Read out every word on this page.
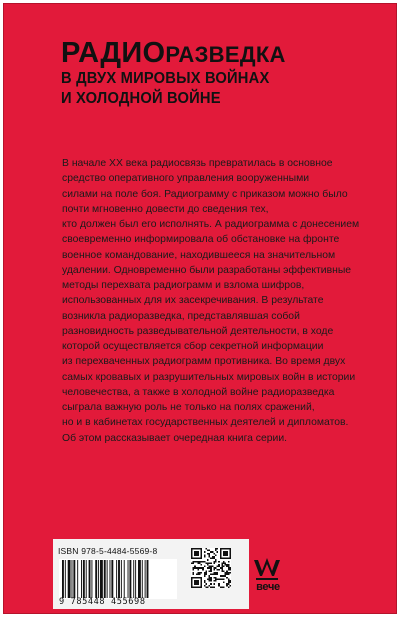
РАДИОРАЗВЕДКА
В ДВУХ МИРОВЫХ ВОЙНАХ
И ХОЛОДНОЙ ВОЙНЕ
В начале XX века радиосвязь превратилась в основное
средство оперативного управления вооруженными
силами на поле боя. Радиограмму с приказом можно было
почти мгновенно довести до сведения тех,
кто должен был его исполнять. А радиограмма с донесением
своевременно информировала об обстановке на фронте
военное командование, находившееся на значительном
удалении. Одновременно были разработаны эффективные
методы перехвата радиограмм и взлома шифров,
использованных для их засекречивания. В результате
возникла радиоразведка, представлявшая собой
разновидность разведывательной деятельности, в ходе
которой осуществляется сбор секретной информации
из перехваченных радиограмм противника. Во время двух
самых кровавых и разрушительных мировых войн в истории
человечества, а также в холодной войне радиоразведка
сыграла важную роль не только на полях сражений,
но и в кабинетах государственных деятелей и дипломатов.
Об этом рассказывает очередная книга серии.
ISBN 978-5-4484-5569-8
9 785448 455698
вече
